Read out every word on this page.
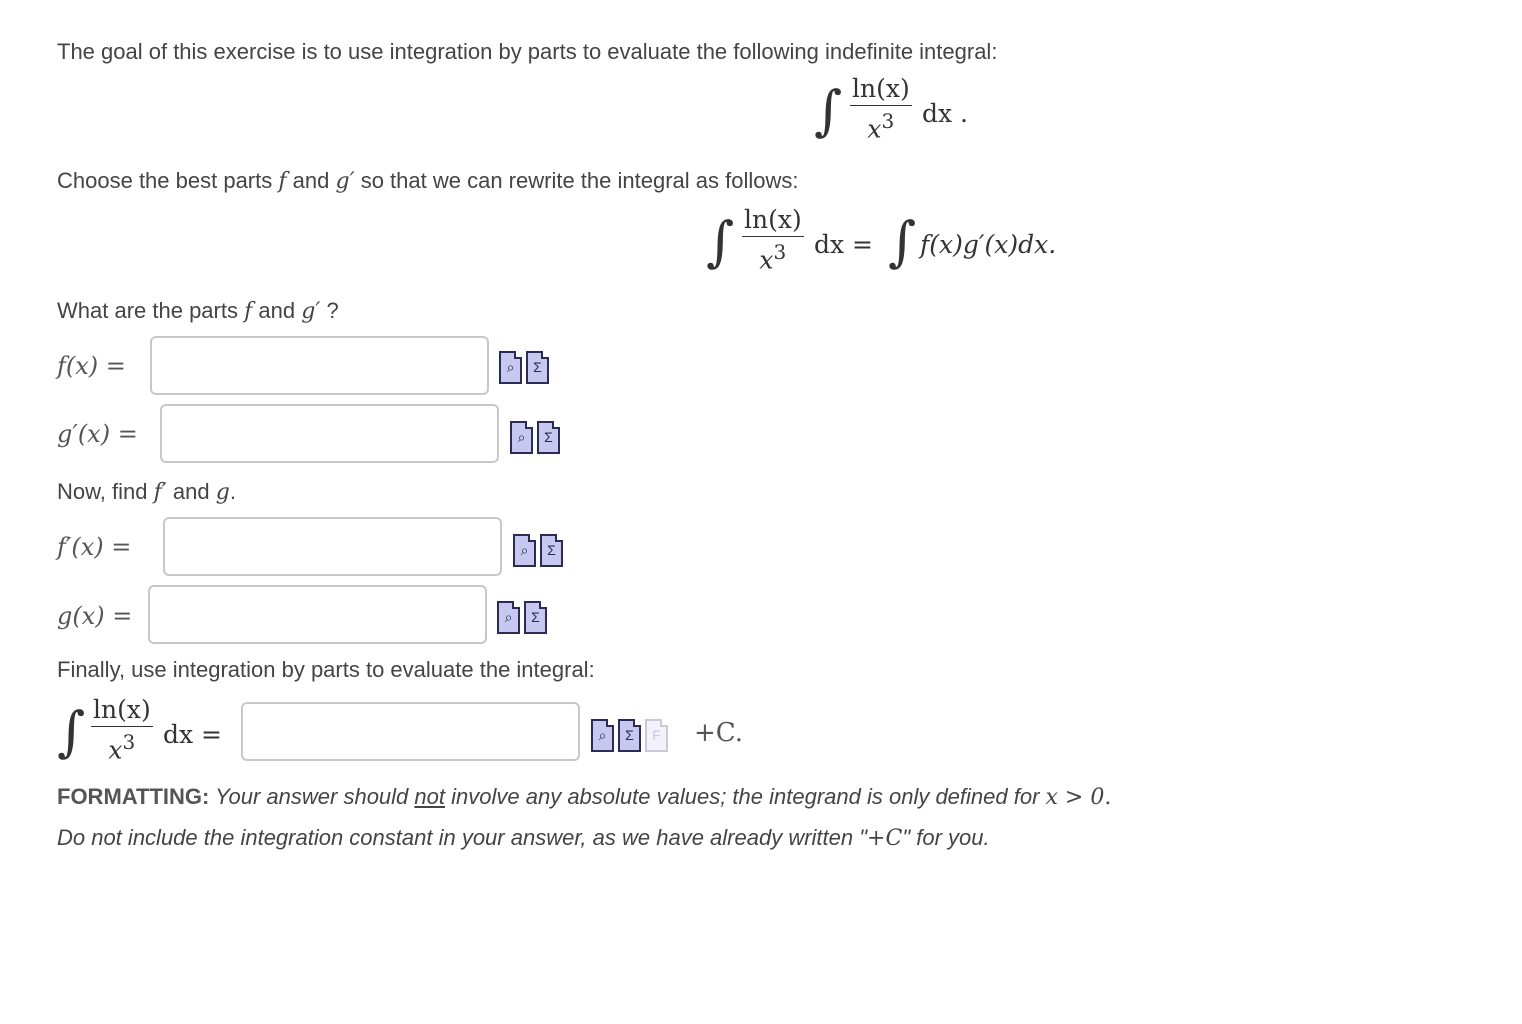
The goal of this exercise is to use integration by parts to evaluate the following indefinite integral:
∫ $\frac{\ln(x)}{x^3}$ dx .
Choose the best parts f and g′ so that we can rewrite the integral as follows:
∫ $\frac{\ln(x)}{x^3}$ dx = ∫ f(x)g′(x)dx.
What are the parts f and g′ ?
f(x) =	⌕ Σ
g′(x) =	⌕ Σ
Now, find f′ and g.
f′(x) =	⌕ Σ
g(x) =	⌕ Σ
Finally, use integration by parts to evaluate the integral:
∫ $\frac{\ln(x)}{x^3}$ dx =	⌕ Σ F	+C.
FORMATTING: Your answer should not involve any absolute values; the integrand is only defined for x > 0.
Do not include the integration constant in your answer, as we have already written "+C" for you.
